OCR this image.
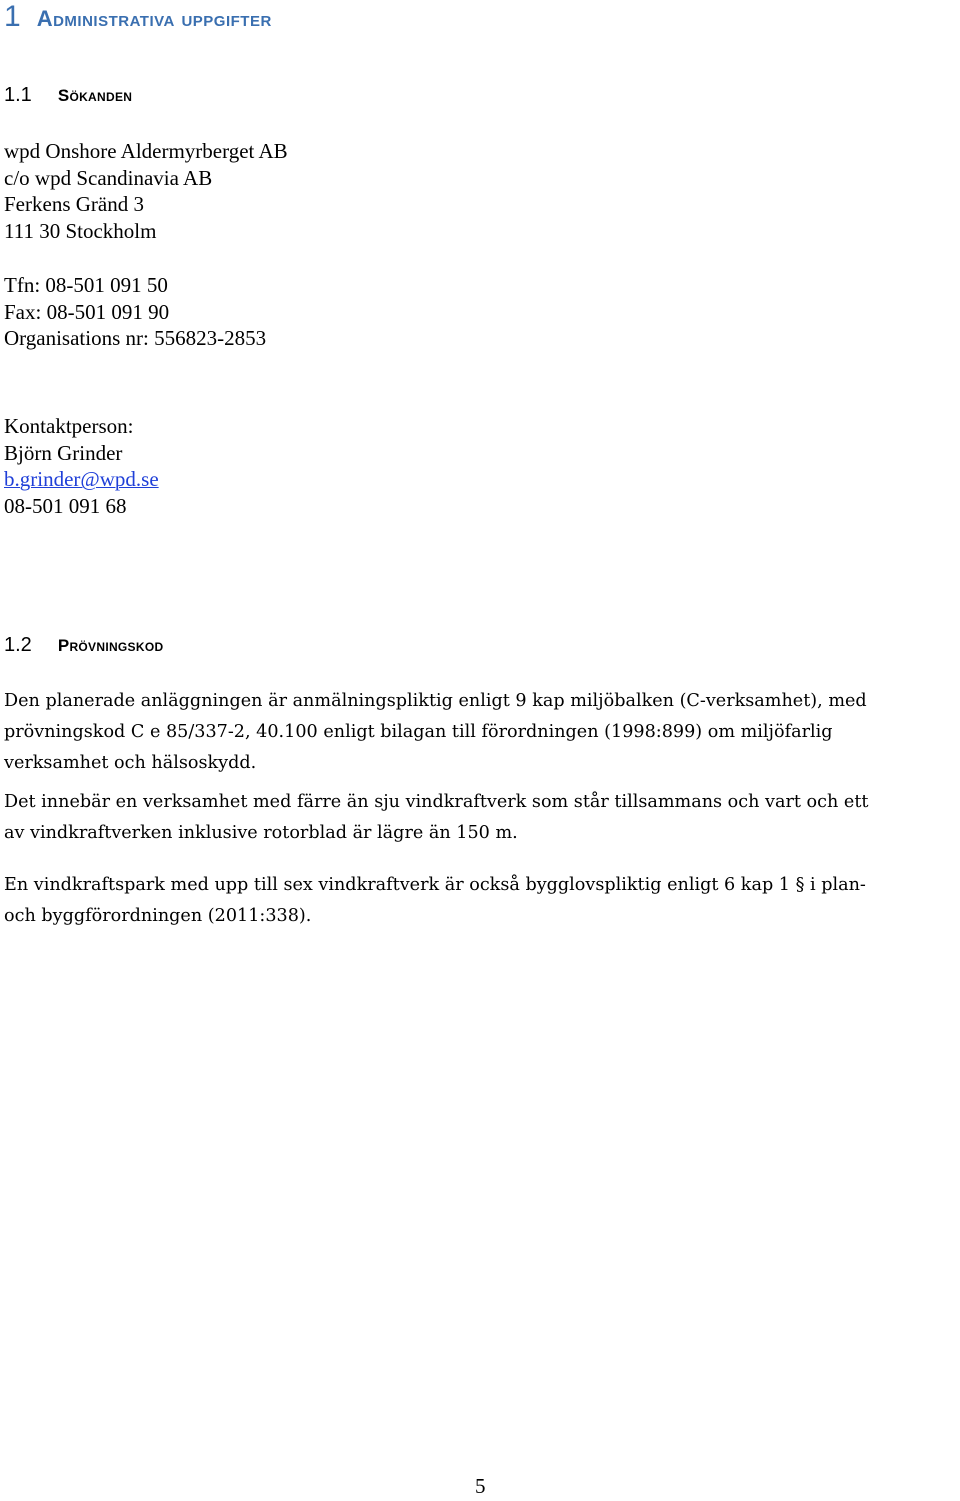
1 Administrativa uppgifter
1.1 Sökanden
wpd Onshore Aldermyrberget AB
c/o wpd Scandinavia AB
Ferkens Gränd 3
111 30 Stockholm
Tfn: 08-501 091 50
Fax: 08-501 091 90
Organisations nr: 556823-2853
Kontaktperson:
Björn Grinder
b.grinder@wpd.se
08-501 091 68
1.2 Prövningskod

Den planerade anläggningen är anmälningspliktig enligt 9 kap miljöbalken (C-verksamhet), med

prövningskod C e 85/337-2, 40.100 enligt bilagan till förordningen (1998:899) om miljöfarlig

verksamhet och hälsoskydd.

Det innebär en verksamhet med färre än sju vindkraftverk som står tillsammans och vart och ett

av vindkraftverken inklusive rotorblad är lägre än 150 m.

En vindkraftspark med upp till sex vindkraftverk är också bygglovspliktig enligt 6 kap 1 § i plan-

och byggförordningen (2011:338).

5
